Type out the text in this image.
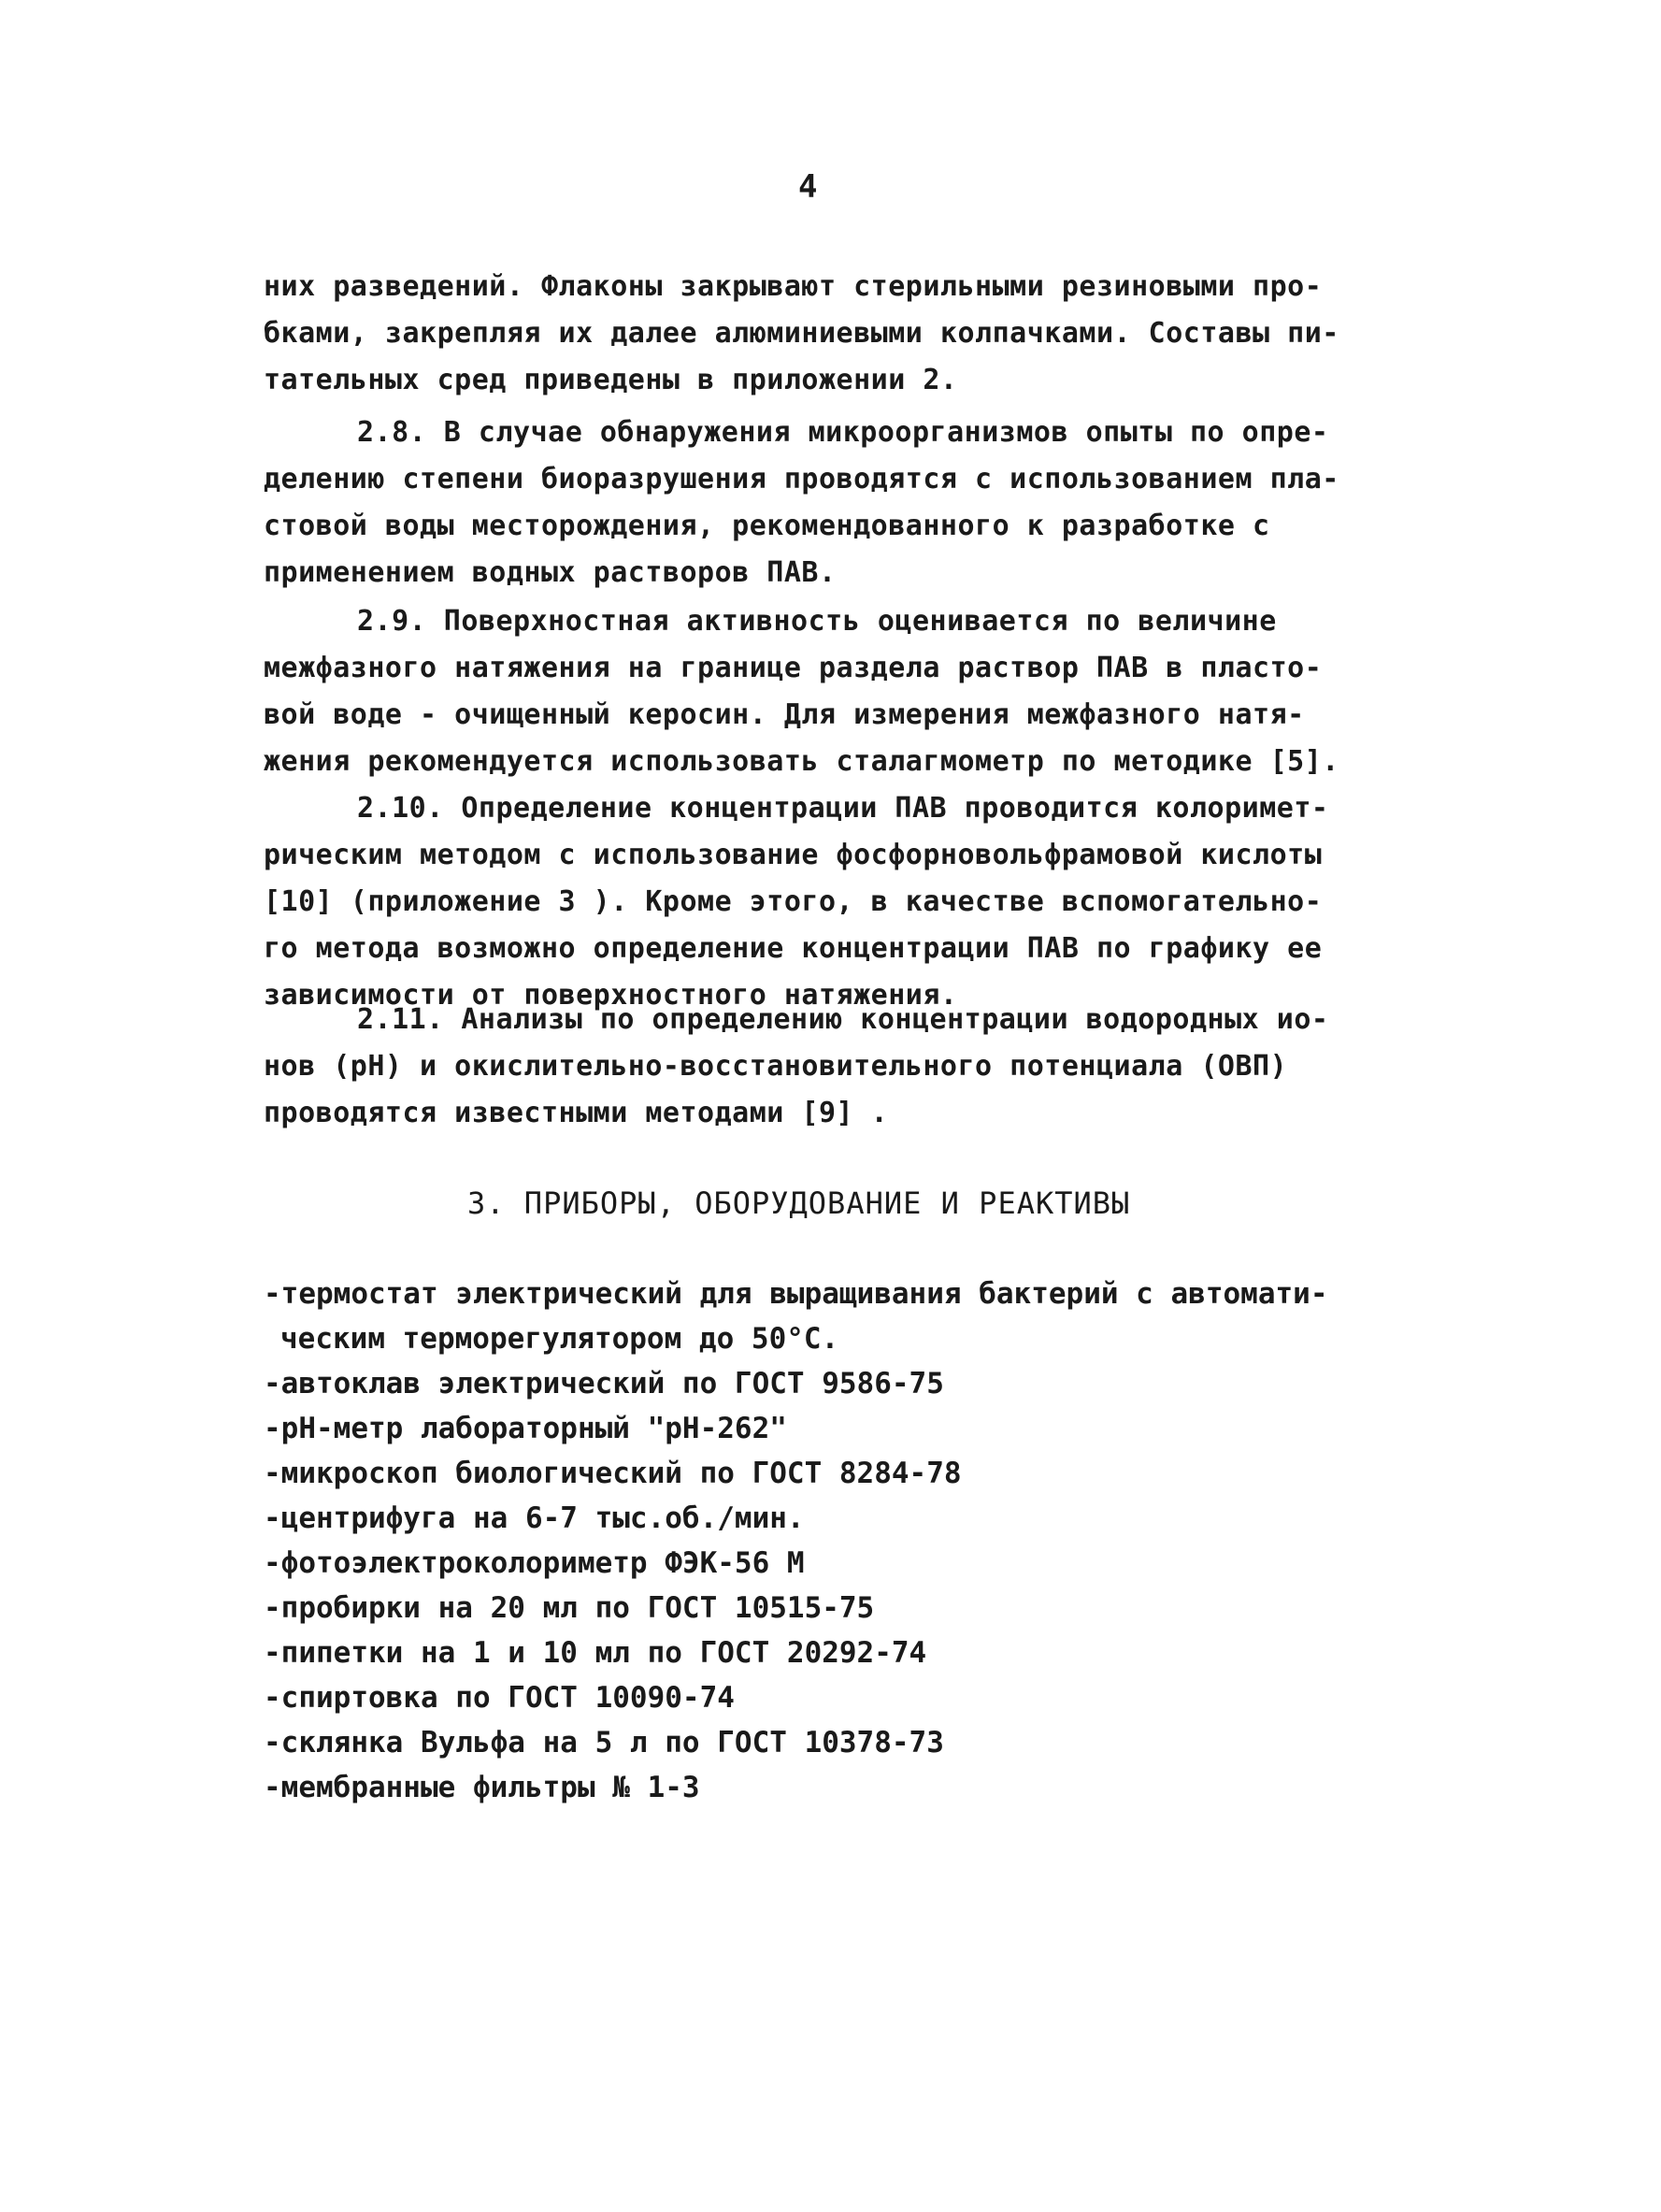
4
них разведений. Флаконы закрывают стерильными резиновыми про-
бками, закрепляя их далее алюминиевыми колпачками. Составы пи-
тательных сред приведены в приложении 2.
2.8. В случае обнаружения микроорганизмов опыты по опре-
делению степени биоразрушения проводятся с использованием пла-
стовой воды месторождения, рекомендованного к разработке с
применением водных растворов ПАВ.
2.9. Поверхностная активность оценивается по величине
межфазного натяжения на границе раздела раствор ПАВ в пласто-
вой воде - очищенный керосин. Для измерения межфазного натя-
жения рекомендуется использовать сталагмометр по методике [5].
2.10. Определение концентрации ПАВ проводится колоримет-
рическим методом с использование фосфорновольфрамовой кислоты
[10] (приложение 3 ). Кроме этого, в качестве вспомогательно-
го метода возможно определение концентрации ПАВ по графику ее
зависимости от поверхностного натяжения.
2.11. Анализы по определению концентрации водородных ио-
нов (рН) и окислительно-восстановительного потенциала (ОВП)
проводятся известными методами [9] .
3. ПРИБОРЫ, ОБОРУДОВАНИЕ И РЕАКТИВЫ
-термостат электрический для выращивания бактерий с автомати-
ческим терморегулятором до 50°С.
-автоклав электрический по ГОСТ 9586-75
-рН-метр лабораторный "рН-262"
-микроскоп биологический по ГОСТ 8284-78
-центрифуга на 6-7 тыс.об./мин.
-фотоэлектроколориметр ФЭК-56 М
-пробирки на 20 мл по ГОСТ 10515-75
-пипетки на 1 и 10 мл по ГОСТ 20292-74
-спиртовка по ГОСТ 10090-74
-склянка Вульфа на 5 л по ГОСТ 10378-73
-мембранные фильтры № 1-3
